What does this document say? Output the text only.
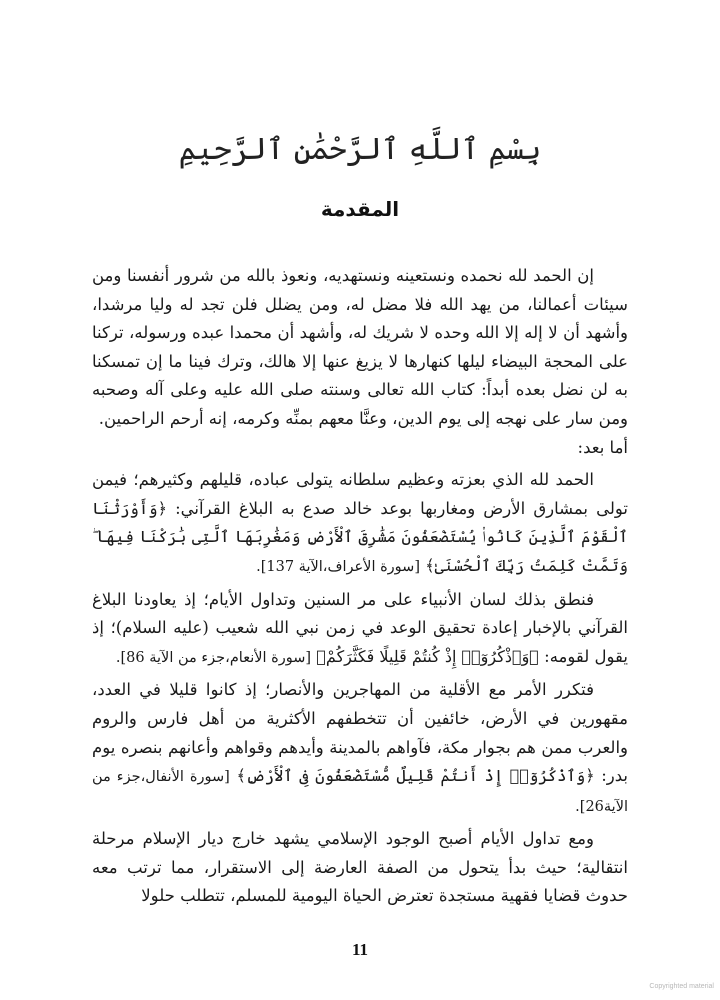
بِسْمِ ٱللَّهِ ٱلرَّحْمَٰنِ ٱلرَّحِيمِ
المقدمة

إن الحمد لله نحمده ونستعينه ونستهديه، ونعوذ بالله من شرور أنفسنا ومن سيئات أعمالنا، من يهد الله فلا مضل له، ومن يضلل فلن تجد له وليا مرشدا، وأشهد أن لا إله إلا الله وحده لا شريك له، وأشهد أن محمدا عبده ورسوله، تركنا على المحجة البيضاء ليلها كنهارها لا يزيغ عنها إلا هالك، وترك فينا ما إن تمسكنا به لن نضل بعده أبداً: كتاب الله تعالى وسنته صلى الله عليه وعلى آله وصحبه ومن سار على نهجه إلى يوم الدين، وعنَّا معهم بمنِّه وكرمه، إنه أرحم الراحمين.

أما بعد:

الحمد لله الذي بعزته وعظيم سلطانه يتولى عباده، قليلهم وكثيرهم؛ فيمن تولى بمشارق الأرض ومغاربها بوعد خالد صدع به البلاغ القرآني: ﴿وَأَوْرَثْنَا ٱلْقَوْمَ ٱلَّذِينَ كَانُوا۟ يُسْتَضْعَفُونَ مَشَٰرِقَ ٱلْأَرْضِ وَمَغَٰرِبَهَا ٱلَّتِى بَٰرَكْنَا فِيهَا ۖ وَتَمَّتْ كَلِمَتُ رَبِّكَ ٱلْحُسْنَىٰ﴾ [سورة الأعراف،الآية 137].

فنطق بذلك لسان الأنبياء على مر السنين وتداول الأيام؛ إذ يعاودنا البلاغ القرآني بالإخبار إعادة تحقيق الوعد في زمن نبي الله شعيب (عليه السلام)؛ إذ يقول لقومه: ﴿وَٱذْكُرُوٓا۟ إِذْ كُنتُمْ قَلِيلًا فَكَثَّرَكُمْ﴾ [سورة الأنعام،جزء من الآية 86].

فتكرر الأمر مع الأقلية من المهاجرين والأنصار؛ إذ كانوا قليلا في العدد، مقهورين في الأرض، خائفين أن تتخطفهم الأكثرية من أهل فارس والروم والعرب ممن هم بجوار مكة، فآواهم بالمدينة وأيدهم وقواهم وأعانهم بنصره يوم بدر: ﴿وَٱذْكُرُوٓا۟ إِذْ أَنتُمْ قَلِيلٌ مُّسْتَضْعَفُونَ فِى ٱلْأَرْضِ﴾ [سورة الأنفال،جزء من الآية26].

ومع تداول الأيام أصبح الوجود الإسلامي يشهد خارج ديار الإسلام مرحلة انتقالية؛ حيث بدأ يتحول من الصفة العارضة إلى الاستقرار، مما ترتب معه حدوث قضايا فقهية مستجدة تعترض الحياة اليومية للمسلم، تتطلب حلولا

11
Copyrighted material
